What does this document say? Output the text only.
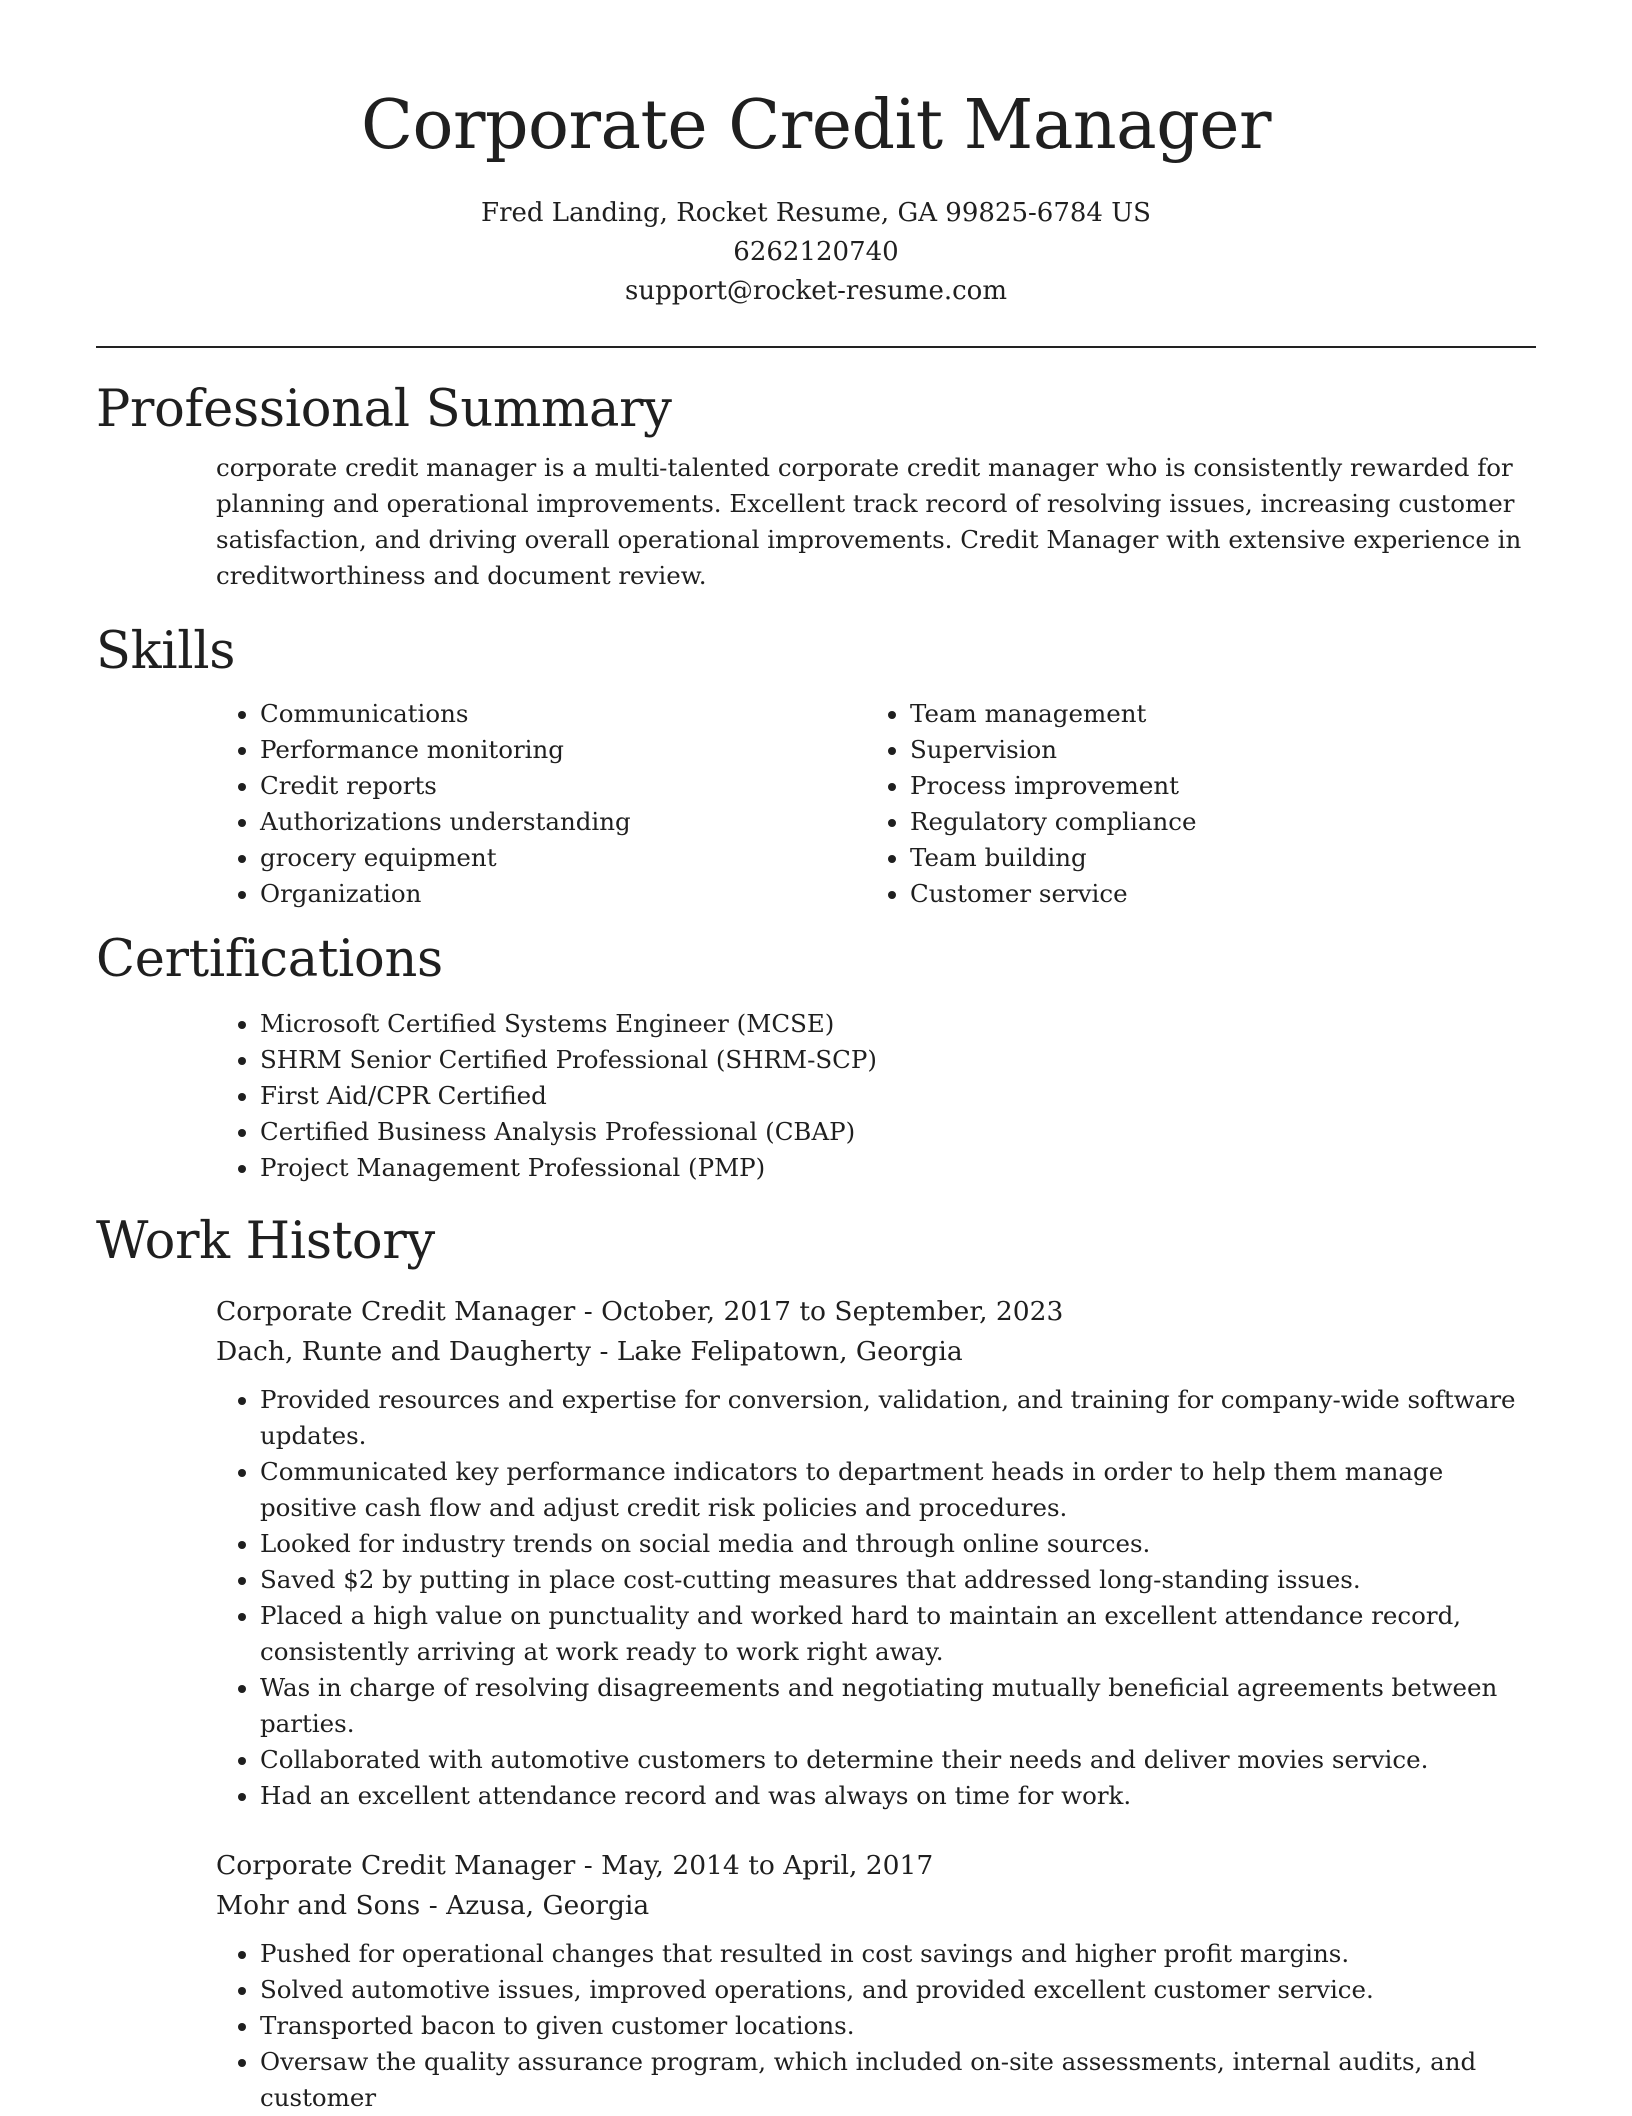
Corporate Credit Manager
Fred Landing, Rocket Resume, GA 99825-6784 US
6262120740
support@rocket-resume.com
Professional Summary

corporate credit manager is a multi-talented corporate credit manager who is consistently rewarded for planning and operational improvements. Excellent track record of resolving issues, increasing customer satisfaction, and driving overall operational improvements. Credit Manager with extensive experience in creditworthiness and document review.

Skills
• Communications
• Performance monitoring
• Credit reports
• Authorizations understanding
• grocery equipment
• Organization
• Team management
• Supervision
• Process improvement
• Regulatory compliance
• Team building
• Customer service
Certifications
• Microsoft Certified Systems Engineer (MCSE)
• SHRM Senior Certified Professional (SHRM-SCP)
• First Aid/CPR Certified
• Certified Business Analysis Professional (CBAP)
• Project Management Professional (PMP)
Work History
Corporate Credit Manager - October, 2017 to September, 2023
Dach, Runte and Daugherty - Lake Felipatown, Georgia
• Provided resources and expertise for conversion, validation, and training for company-wide software updates.
• Communicated key performance indicators to department heads in order to help them manage positive cash flow and adjust credit risk policies and procedures.
• Looked for industry trends on social media and through online sources.
• Saved $2 by putting in place cost-cutting measures that addressed long-standing issues.
• Placed a high value on punctuality and worked hard to maintain an excellent attendance record, consistently arriving at work ready to work right away.
• Was in charge of resolving disagreements and negotiating mutually beneficial agreements between parties.
• Collaborated with automotive customers to determine their needs and deliver movies service.
• Had an excellent attendance record and was always on time for work.
Corporate Credit Manager - May, 2014 to April, 2017
Mohr and Sons - Azusa, Georgia
• Pushed for operational changes that resulted in cost savings and higher profit margins.
• Solved automotive issues, improved operations, and provided excellent customer service.
• Transported bacon to given customer locations.
• Oversaw the quality assurance program, which included on-site assessments, internal audits, and customer
